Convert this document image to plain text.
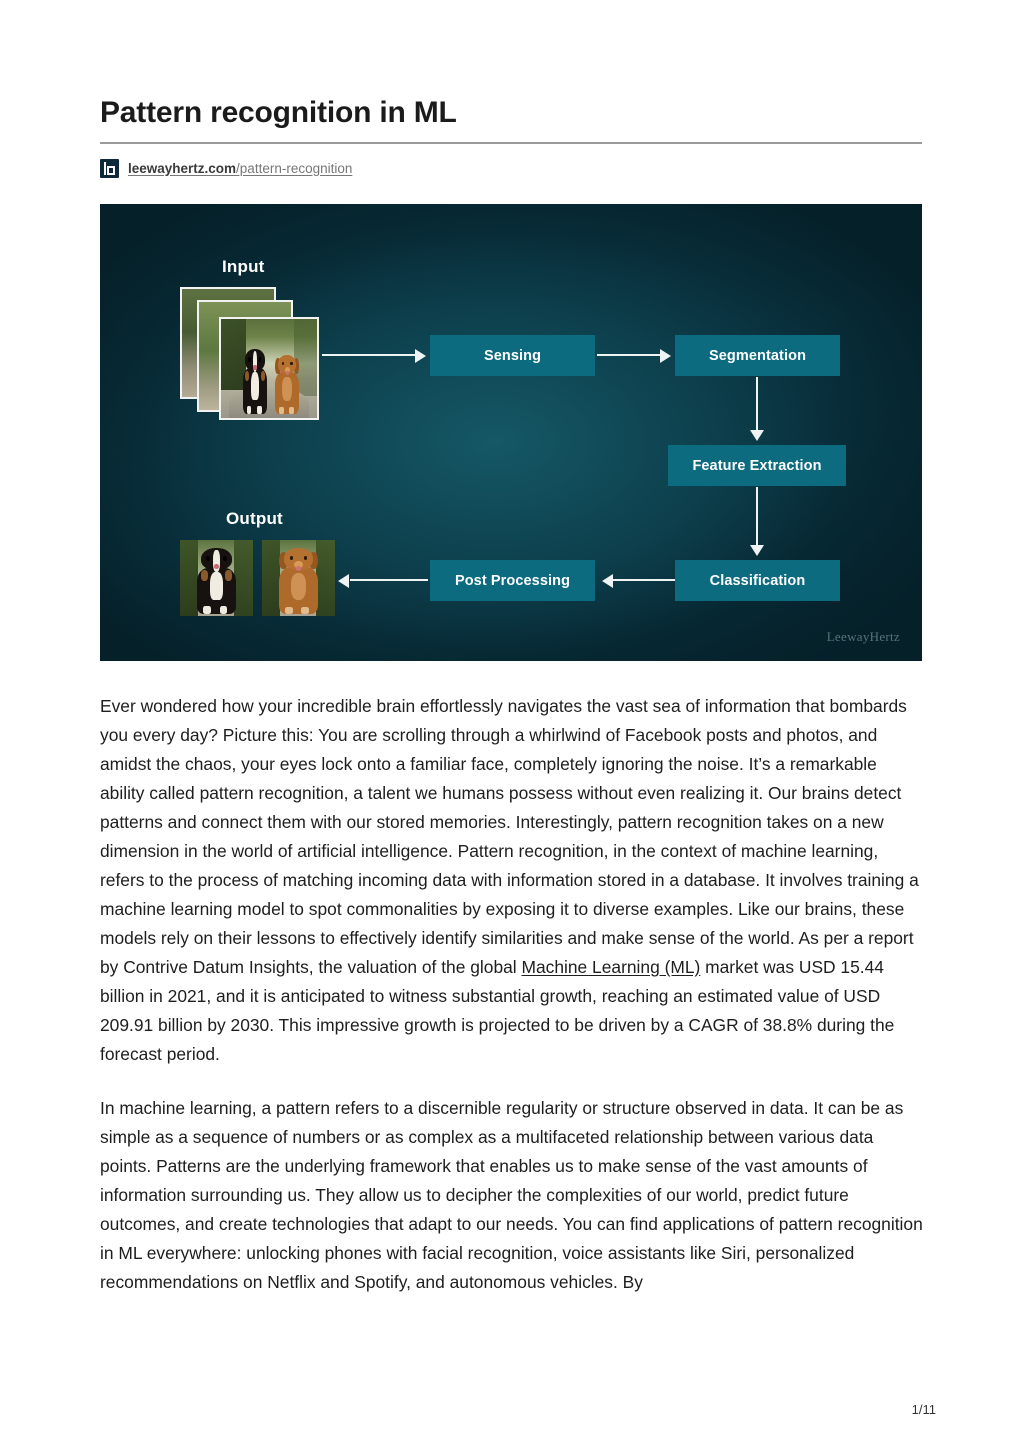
Pattern recognition in ML
leewayhertz.com/pattern-recognition
Input
Output
Sensing	Segmentation
Feature Extraction
Classification
Post Processing
LeewayHertz

Ever wondered how your incredible brain effortlessly navigates the vast sea of information that bombards you every day? Picture this: You are scrolling through a whirlwind of Facebook posts and photos, and amidst the chaos, your eyes lock onto a familiar face, completely ignoring the noise. It’s a remarkable ability called pattern recognition, a talent we humans possess without even realizing it. Our brains detect patterns and connect them with our stored memories. Interestingly, pattern recognition takes on a new dimension in the world of artificial intelligence. Pattern recognition, in the context of machine learning, refers to the process of matching incoming data with information stored in a database. It involves training a machine learning model to spot commonalities by exposing it to diverse examples. Like our brains, these models rely on their lessons to effectively identify similarities and make sense of the world. As per a report by Contrive Datum Insights, the valuation of the global Machine Learning (ML) market was USD 15.44 billion in 2021, and it is anticipated to witness substantial growth, reaching an estimated value of USD 209.91 billion by 2030. This impressive growth is projected to be driven by a CAGR of 38.8% during the forecast period.

In machine learning, a pattern refers to a discernible regularity or structure observed in data. It can be as simple as a sequence of numbers or as complex as a multifaceted relationship between various data points. Patterns are the underlying framework that enables us to make sense of the vast amounts of information surrounding us. They allow us to decipher the complexities of our world, predict future outcomes, and create technologies that adapt to our needs. You can find applications of pattern recognition in ML everywhere: unlocking phones with facial recognition, voice assistants like Siri, personalized recommendations on Netflix and Spotify, and autonomous vehicles. By

1/11
